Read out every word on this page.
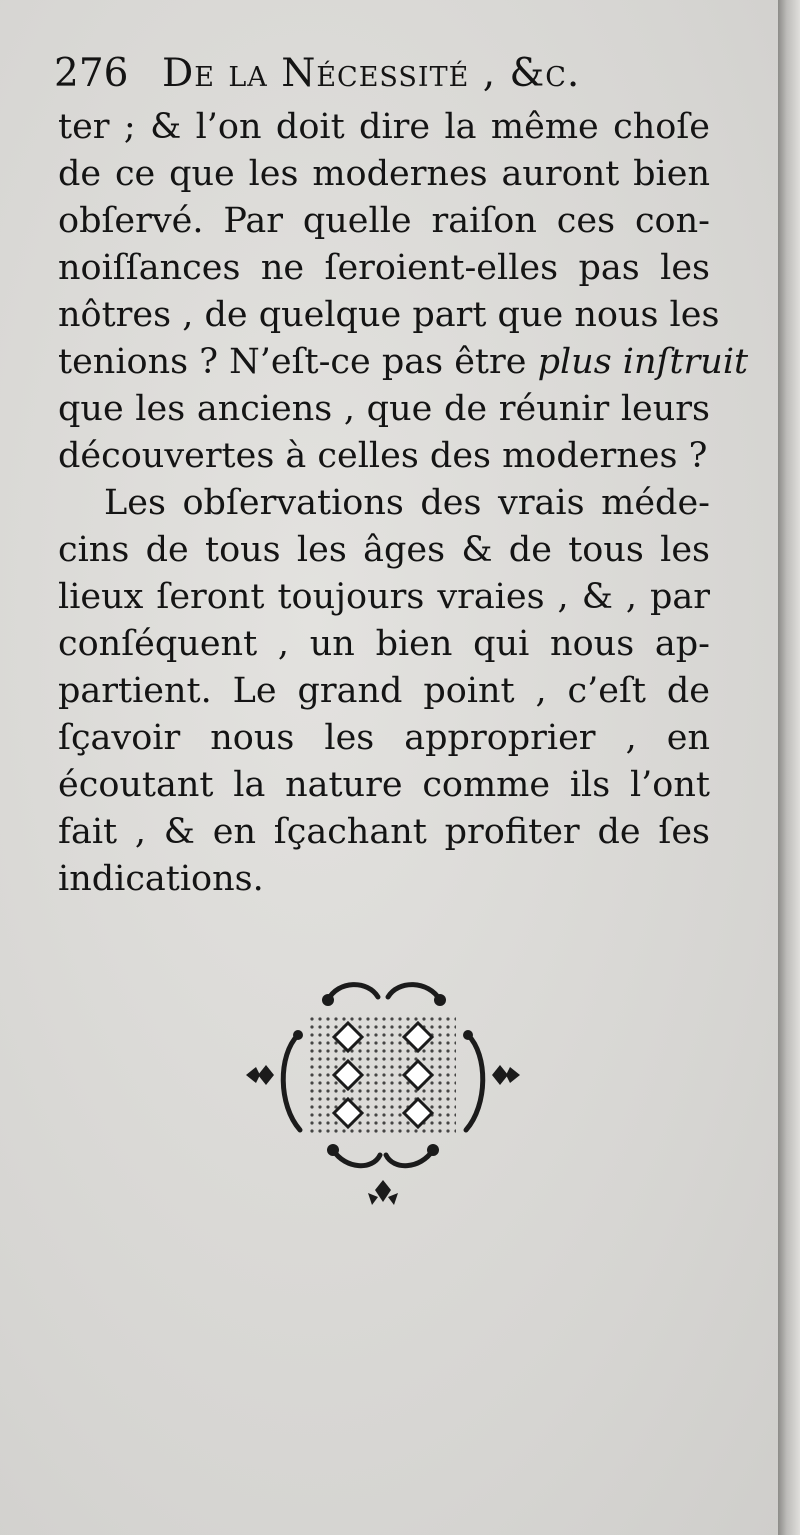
276 De la Nécessité , &c.
ter ; & l’on doit dire la même choſe
de ce que les modernes auront bien
obſervé. Par quelle raiſon ces con-
noiſſances ne ſeroient-elles pas les
nôtres , de quelque part que nous les
tenions ? N’eſt-ce pas être plus inſtruit
que les anciens , que de réunir leurs
découvertes à celles des modernes ?
Les obſervations des vrais méde-
cins de tous les âges & de tous les
lieux ſeront toujours vraies , & , par
conſéquent , un bien qui nous ap-
partient. Le grand point , c’eſt de
ſçavoir nous les approprier , en
écoutant la nature comme ils l’ont
fait , & en ſçachant profiter de ſes
indications.
